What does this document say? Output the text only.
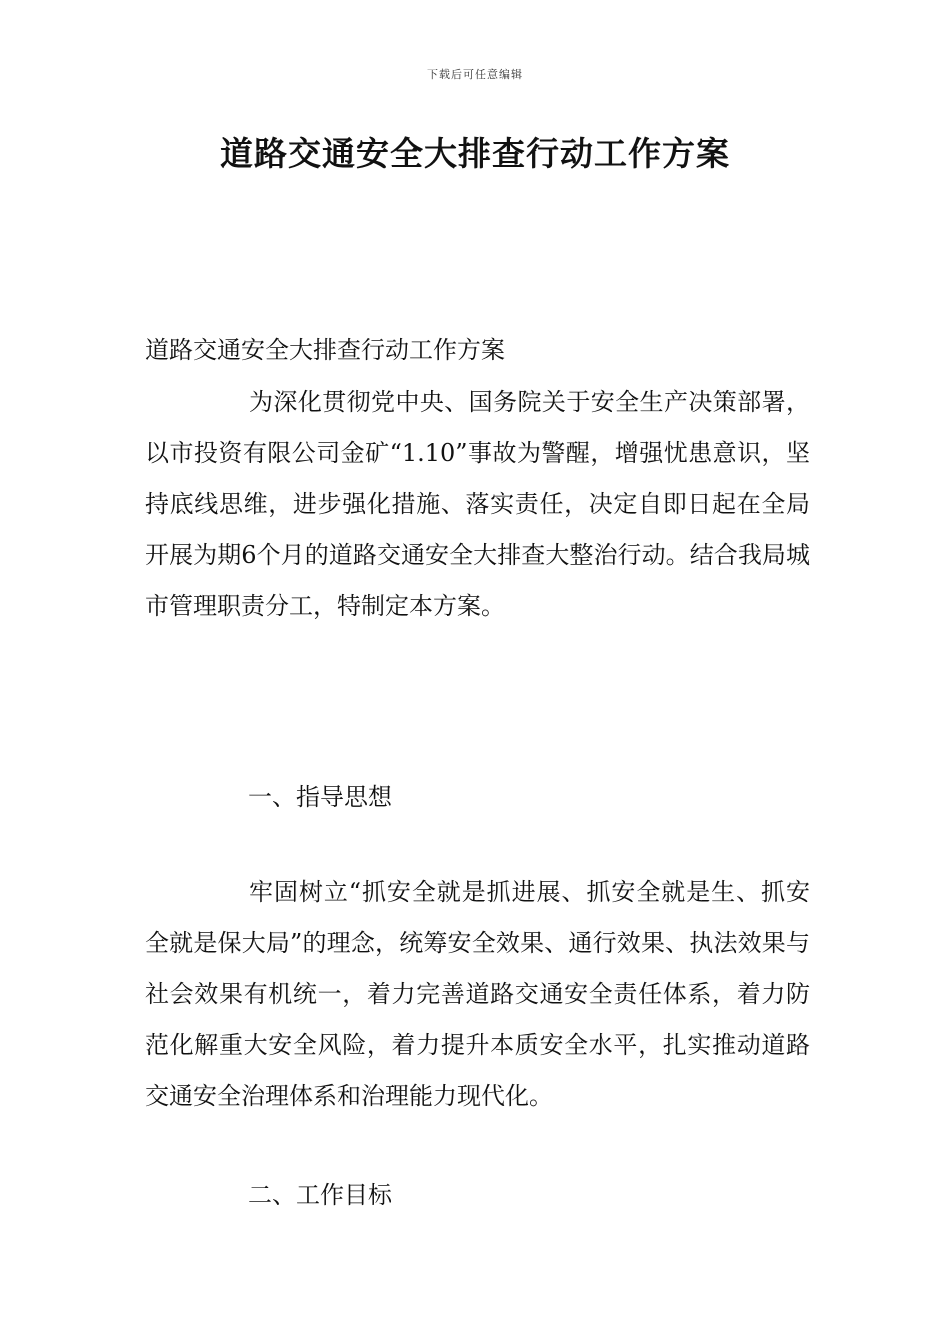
下载后可任意编辑
道路交通安全大排查行动工作方案
道路交通安全大排查行动工作方案
为深化贯彻党中央、国务院关于安全生产决策部署，以市投资有限公司金矿“1.10”事故为警醒，增强忧患意识，坚持底线思维，进步强化措施、落实责任，决定自即日起在全局开展为期6个月的道路交通安全大排查大整治行动。结合我局城市管理职责分工，特制定本方案。
一、指导思想
牢固树立“抓安全就是抓进展、抓安全就是生、抓安全就是保大局”的理念，统筹安全效果、通行效果、执法效果与社会效果有机统一，着力完善道路交通安全责任体系，着力防范化解重大安全风险，着力提升本质安全水平，扎实推动道路交通安全治理体系和治理能力现代化。
二、工作目标
